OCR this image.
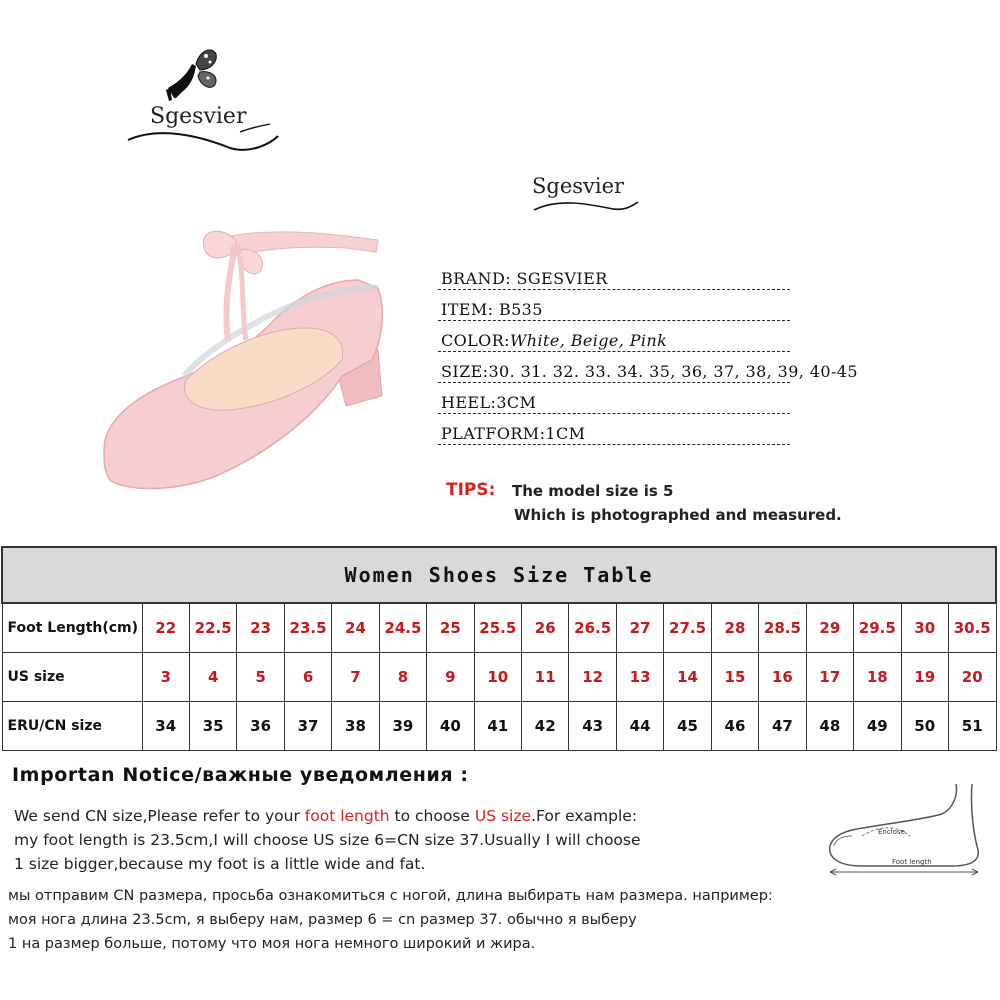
Sgesvier
Sgesvier
BRAND: SGESVIER
ITEM: B535
COLOR:White, Beige, Pink
SIZE:30. 31. 32. 33. 34. 35, 36, 37, 38, 39, 40-45
HEEL:3CM
PLATFORM:1CM
TIPS: The model size is 5
Which is photographed and measured.
Women Shoes Size Table																		
Foot Length(cm)	22	22.5	23	23.5	24	24.5	25	25.5	26	26.5	27	27.5	28	28.5	29	29.5	30	30.5
US size	3	4	5	6	7	8	9	10	11	12	13	14	15	16	17	18	19	20
ERU/CN size	34	35	36	37	38	39	40	41	42	43	44	45	46	47	48	49	50	51
Importan Notice/важные уведомления :
We send CN size,Please refer to your foot length to choose US size.For example:
my foot length is 23.5cm,I will choose US size 6=CN size 37.Usually I will choose
1 size bigger,because my foot is a little wide and fat.
мы отправим CN размера, просьба ознакомиться с ногой, длина выбирать нам размера. например:
моя нога длина 23.5cm, я выберу нам, размер 6 = cn размер 37. обычно я выберу
1 на размер больше, потому что моя нога немного широкий и жира.
Enclose
Foot length
